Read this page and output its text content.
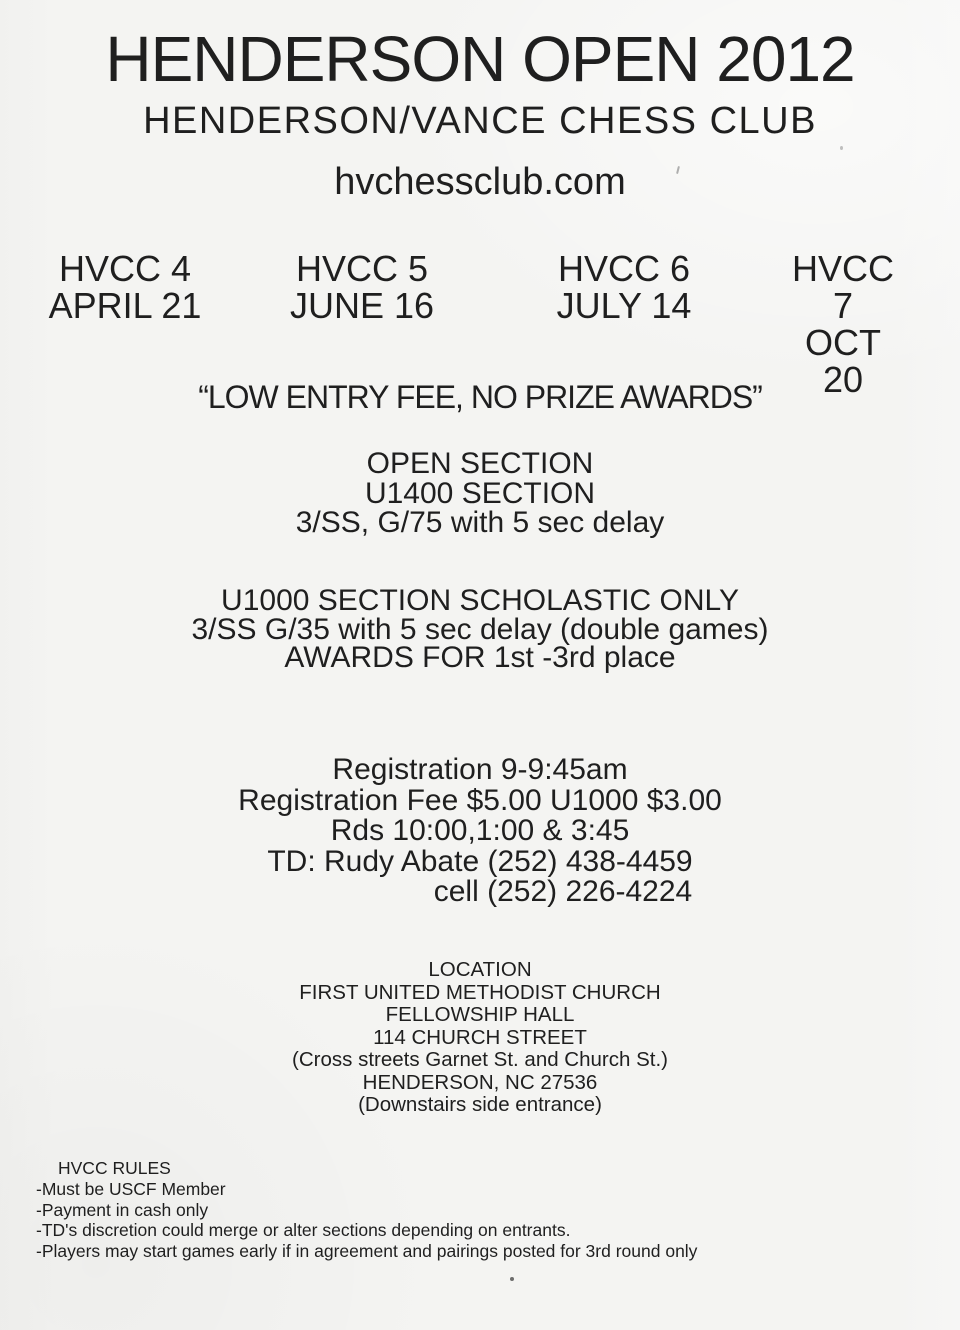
HENDERSON OPEN 2012
HENDERSON/VANCE CHESS CLUB
hvchessclub.com
HVCC 4
APRIL 21
HVCC 5
JUNE 16
HVCC 6
JULY 14
HVCC 7
OCT 20
“LOW ENTRY FEE, NO PRIZE AWARDS”
OPEN SECTION
U1400 SECTION
3/SS, G/75 with 5 sec delay
U1000 SECTION SCHOLASTIC ONLY
3/SS G/35 with 5 sec delay (double games)
AWARDS FOR 1st -3rd place
Registration 9-9:45am
Registration Fee $5.00 U1000 $3.00
Rds 10:00,1:00 & 3:45
TD: Rudy Abate (252) 438-4459
cell (252) 226-4224
LOCATION
FIRST UNITED METHODIST CHURCH
FELLOWSHIP HALL
114 CHURCH STREET
(Cross streets Garnet St. and Church St.)
HENDERSON, NC 27536
(Downstairs side entrance)
HVCC RULES
-Must be USCF Member
-Payment in cash only
-TD's discretion could merge or alter sections depending on entrants.
-Players may start games early if in agreement and pairings posted for 3rd round only
